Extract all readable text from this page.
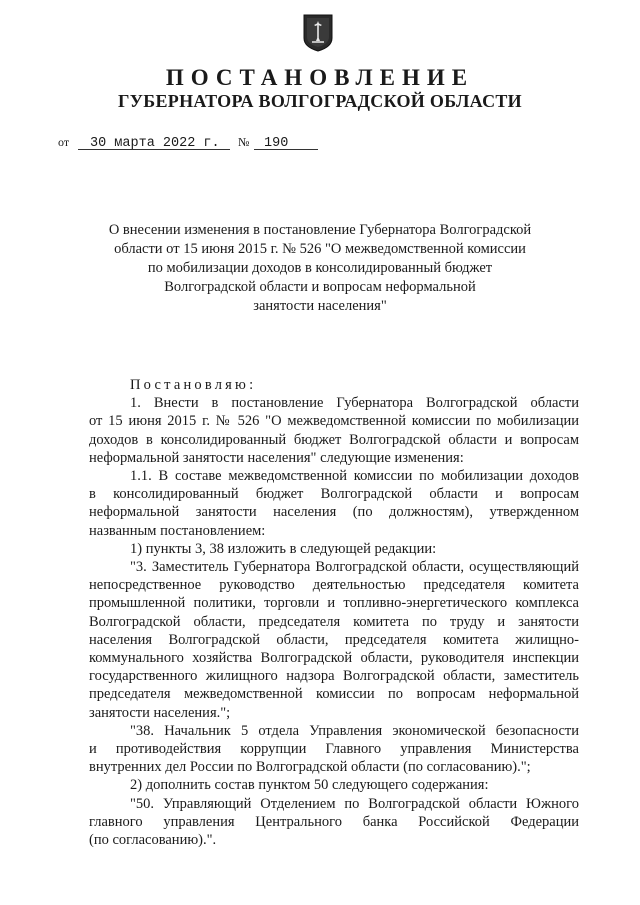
ПОСТАНОВЛЕНИЕ
ГУБЕРНАТОРА ВОЛГОГРАДСКОЙ ОБЛАСТИ
от 30 марта 2022 г. № 190
О внесении изменения в постановление Губернатора Волгоградской
области от 15 июня 2015 г. № 526 "О межведомственной комиссии
по мобилизации доходов в консолидированный бюджет
Волгоградской области и вопросам неформальной
занятости населения"

Постановляю:

1. Внести в постановление Губернатора Волгоградской области
от 15 июня 2015 г. № 526 "О межведомственной комиссии по мобилизации
доходов в консолидированный бюджет Волгоградской области и вопросам
неформальной занятости населения" следующие изменения:

1.1. В составе межведомственной комиссии по мобилизации доходов
в консолидированный бюджет Волгоградской области и вопросам
неформальной занятости населения (по должностям), утвержденном
названным постановлением:

1) пункты 3, 38 изложить в следующей редакции:

"3. Заместитель Губернатора Волгоградской области, осуществляющий
непосредственное руководство деятельностью председателя комитета
промышленной политики, торговли и топливно-энергетического комплекса
Волгоградской области, председателя комитета по труду и занятости
населения Волгоградской области, председателя комитета жилищно-
коммунального хозяйства Волгоградской области, руководителя инспекции
государственного жилищного надзора Волгоградской области, заместитель
председателя межведомственной комиссии по вопросам неформальной
занятости населения.";

"38. Начальник 5 отдела Управления экономической безопасности
и противодействия коррупции Главного управления Министерства
внутренних дел России по Волгоградской области (по согласованию).";

2) дополнить состав пунктом 50 следующего содержания:

"50. Управляющий Отделением по Волгоградской области Южного
главного управления Центрального банка Российской Федерации
(по согласованию).".
